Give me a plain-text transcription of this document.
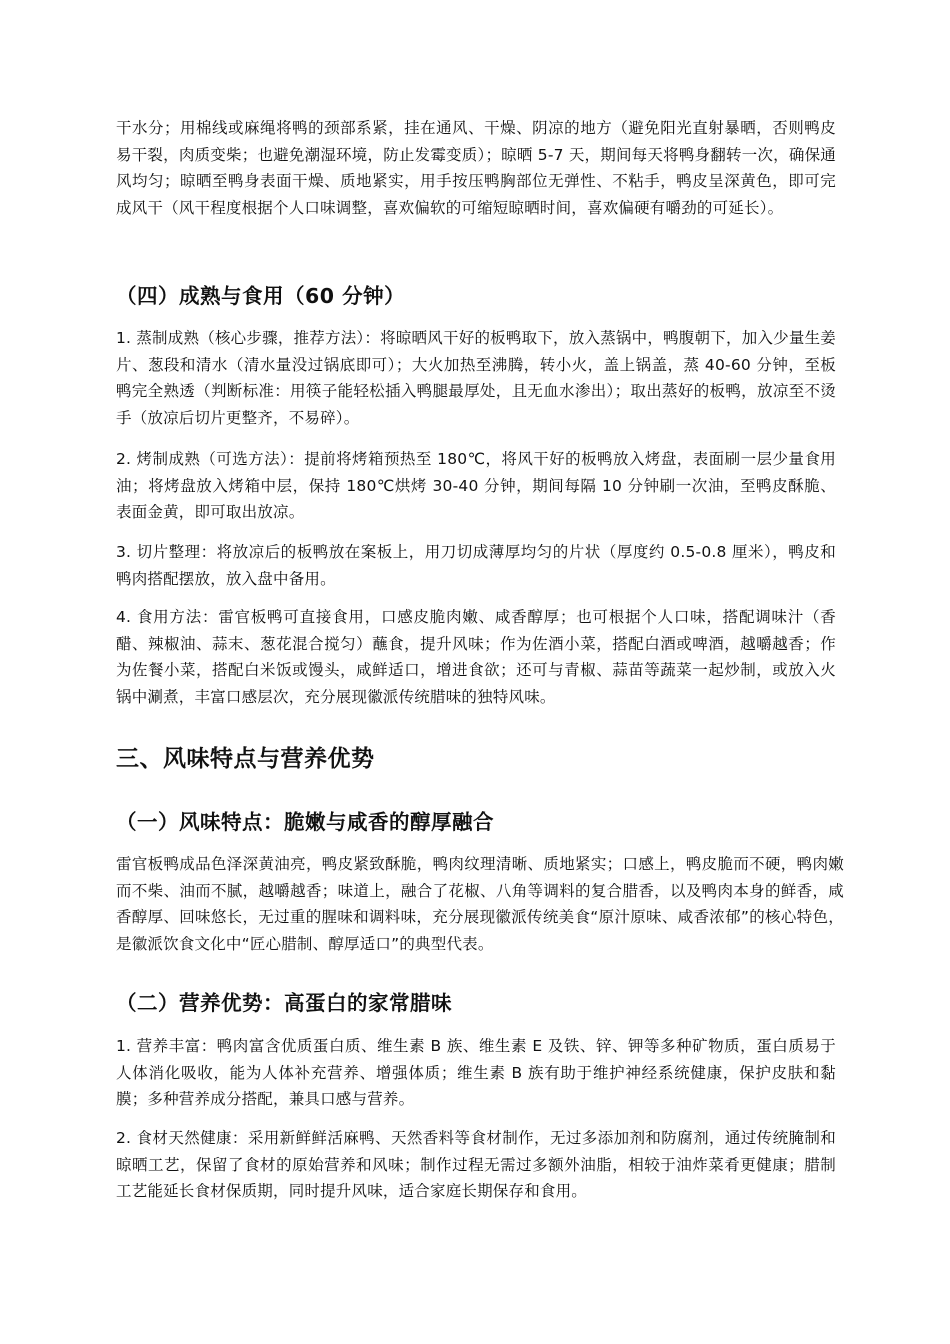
干水分；用棉线或麻绳将鸭的颈部系紧，挂在通风、干燥、阴凉的地方（避免阳光直射暴晒，否则鸭皮易干裂，肉质变柴；也避免潮湿环境，防止发霉变质）；晾晒 5-7 天，期间每天将鸭身翻转一次，确保通风均匀；晾晒至鸭身表面干燥、质地紧实，用手按压鸭胸部位无弹性、不粘手，鸭皮呈深黄色，即可完成风干（风干程度根据个人口味调整，喜欢偏软的可缩短晾晒时间，喜欢偏硬有嚼劲的可延长）。

（四）成熟与食用（60 分钟）

1. 蒸制成熟（核心步骤，推荐方法）：将晾晒风干好的板鸭取下，放入蒸锅中，鸭腹朝下，加入少量生姜片、葱段和清水（清水量没过锅底即可）；大火加热至沸腾，转小火，盖上锅盖，蒸 40-60 分钟，至板鸭完全熟透（判断标准：用筷子能轻松插入鸭腿最厚处，且无血水渗出）；取出蒸好的板鸭，放凉至不烫手（放凉后切片更整齐，不易碎）。

2. 烤制成熟（可选方法）：提前将烤箱预热至 180℃，将风干好的板鸭放入烤盘，表面刷一层少量食用油；将烤盘放入烤箱中层，保持 180℃烘烤 30-40 分钟，期间每隔 10 分钟刷一次油，至鸭皮酥脆、表面金黄，即可取出放凉。

3. 切片整理：将放凉后的板鸭放在案板上，用刀切成薄厚均匀的片状（厚度约 0.5-0.8 厘米），鸭皮和鸭肉搭配摆放，放入盘中备用。

4. 食用方法：雷官板鸭可直接食用，口感皮脆肉嫩、咸香醇厚；也可根据个人口味，搭配调味汁（香醋、辣椒油、蒜末、葱花混合搅匀）蘸食，提升风味；作为佐酒小菜，搭配白酒或啤酒，越嚼越香；作为佐餐小菜，搭配白米饭或馒头，咸鲜适口，增进食欲；还可与青椒、蒜苗等蔬菜一起炒制，或放入火锅中涮煮，丰富口感层次，充分展现徽派传统腊味的独特风味。

三、风味特点与营养优势
（一）风味特点：脆嫩与咸香的醇厚融合

雷官板鸭成品色泽深黄油亮，鸭皮紧致酥脆，鸭肉纹理清晰、质地紧实；口感上，鸭皮脆而不硬，鸭肉嫩而不柴、油而不腻，越嚼越香；味道上，融合了花椒、八角等调料的复合腊香，以及鸭肉本身的鲜香，咸香醇厚、回味悠长，无过重的腥味和调料味，充分展现徽派传统美食“原汁原味、咸香浓郁”的核心特色，是徽派饮食文化中“匠心腊制、醇厚适口”的典型代表。

（二）营养优势：高蛋白的家常腊味

1. 营养丰富：鸭肉富含优质蛋白质、维生素 B 族、维生素 E 及铁、锌、钾等多种矿物质，蛋白质易于人体消化吸收，能为人体补充营养、增强体质；维生素 B 族有助于维护神经系统健康，保护皮肤和黏膜；多种营养成分搭配，兼具口感与营养。

2. 食材天然健康：采用新鲜鲜活麻鸭、天然香料等食材制作，无过多添加剂和防腐剂，通过传统腌制和晾晒工艺，保留了食材的原始营养和风味；制作过程无需过多额外油脂，相较于油炸菜肴更健康；腊制工艺能延长食材保质期，同时提升风味，适合家庭长期保存和食用。
